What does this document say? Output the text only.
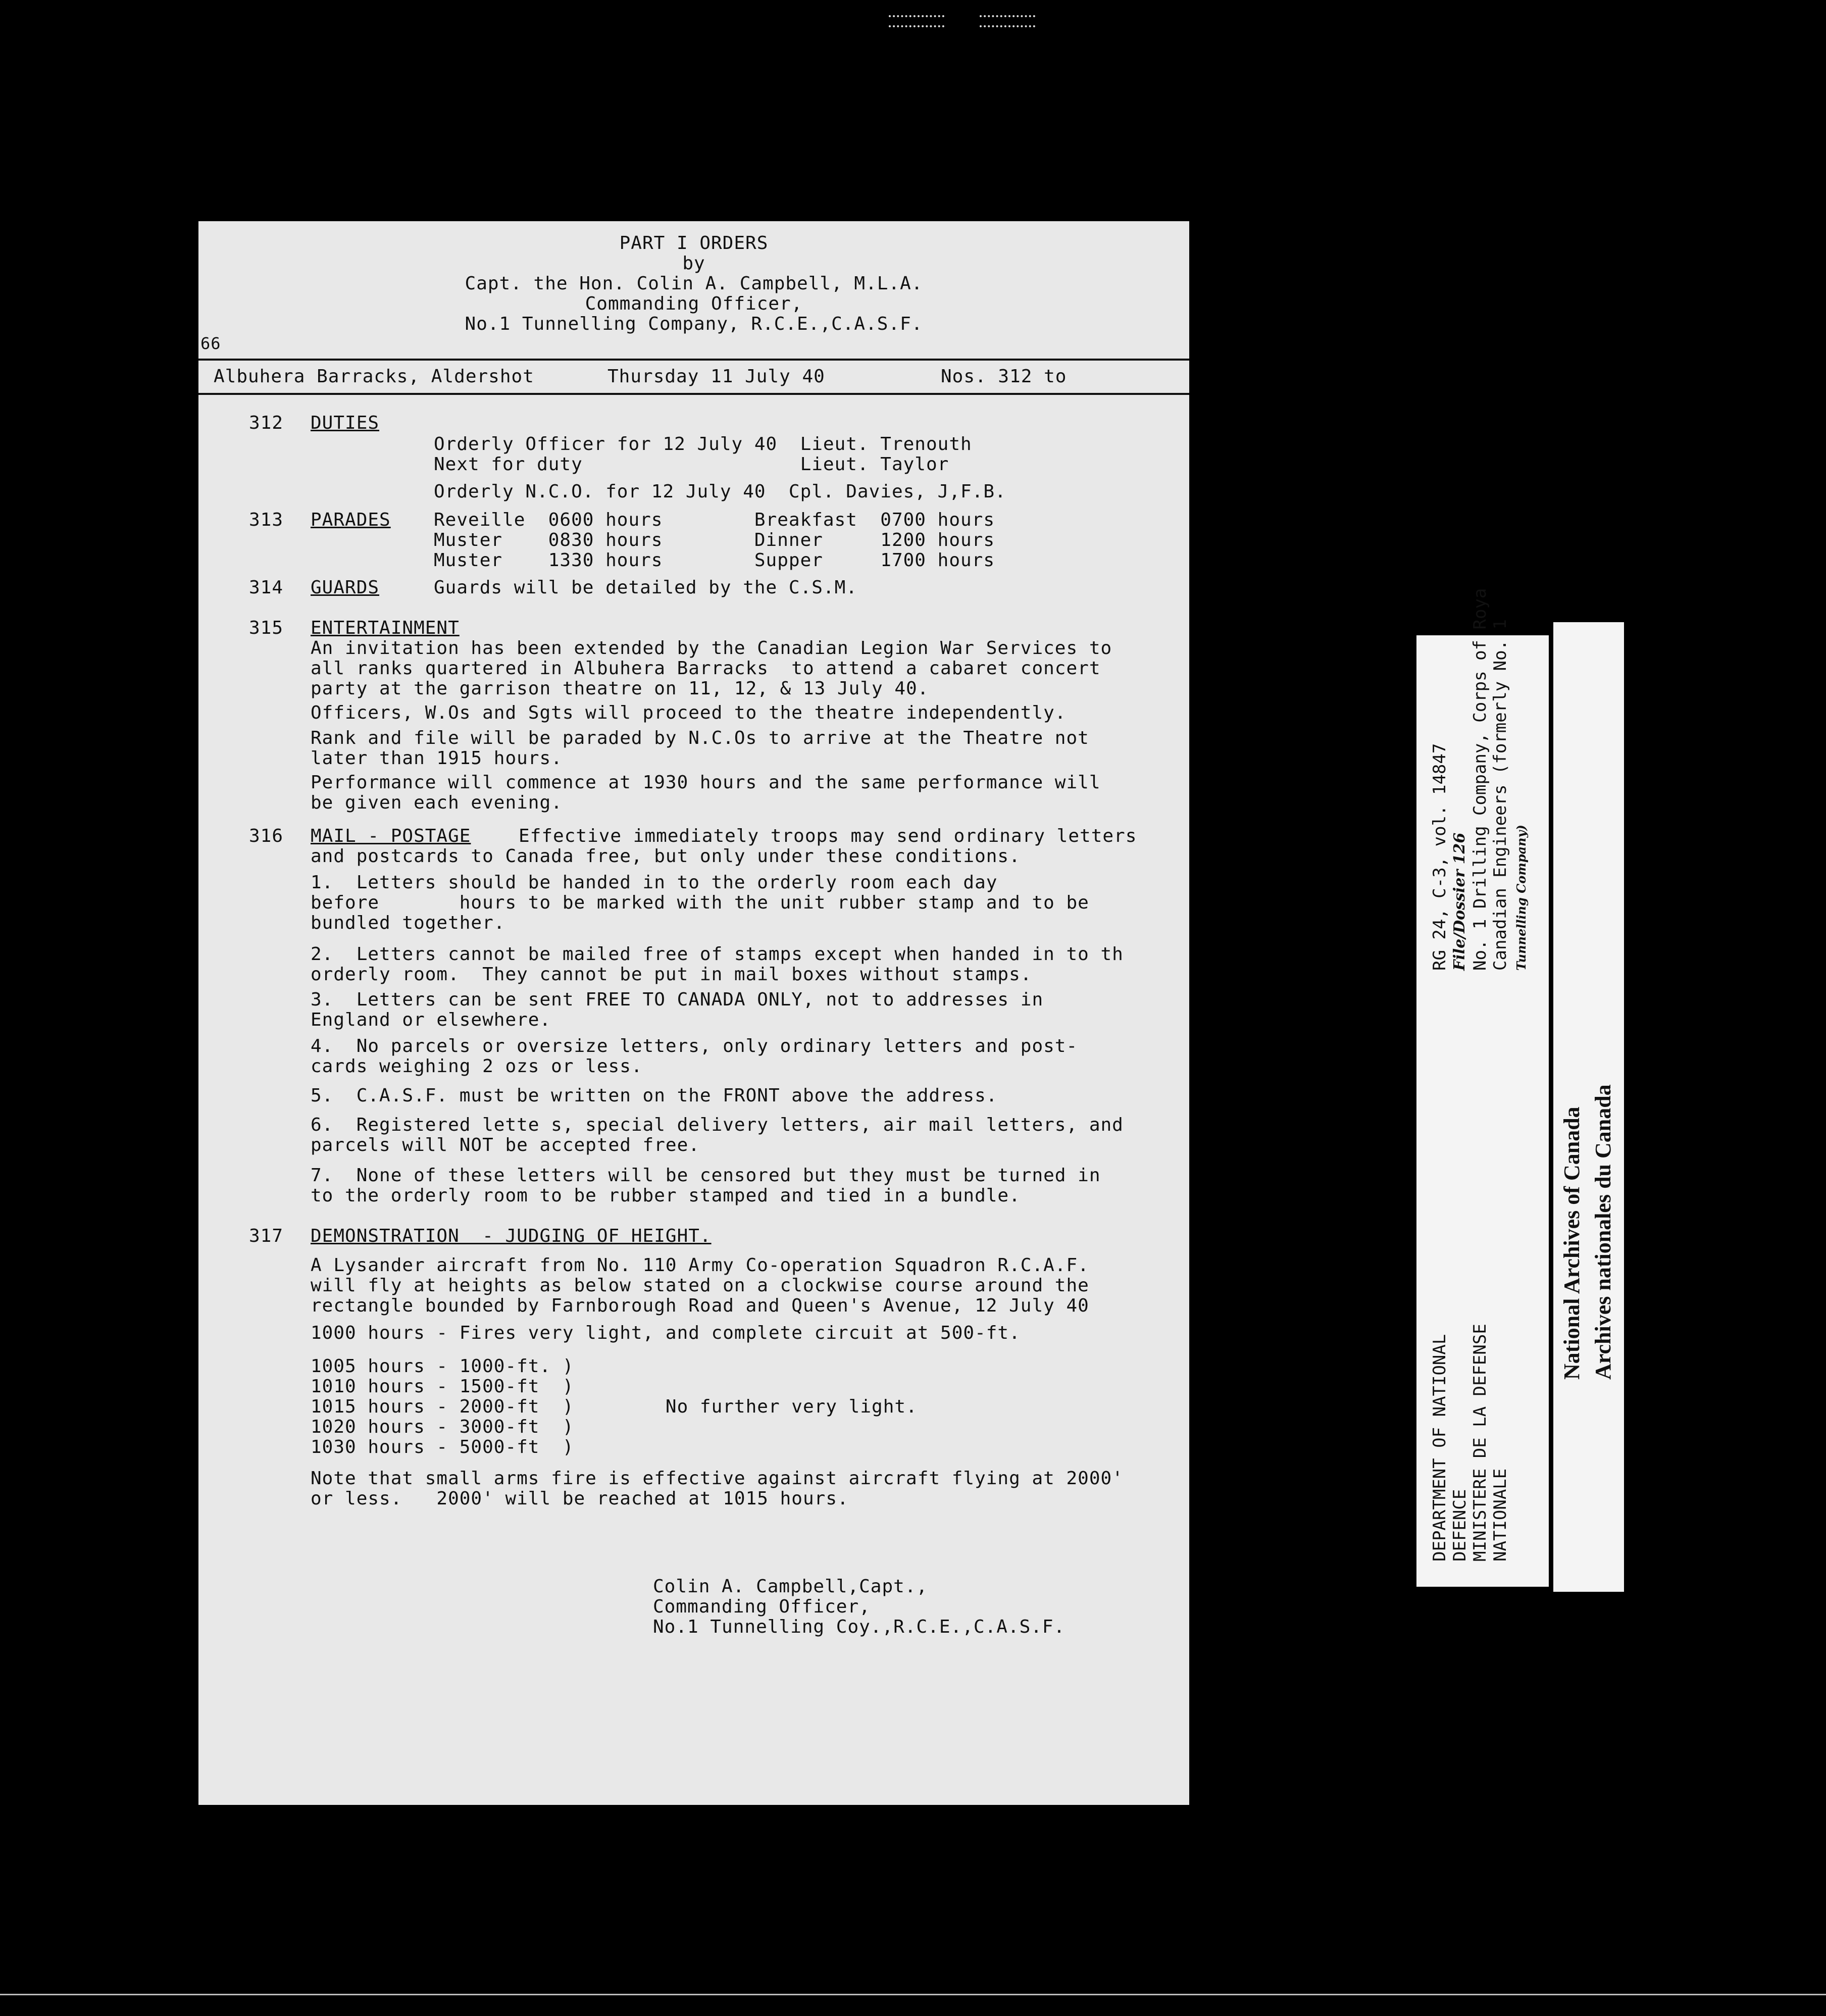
PART I ORDERS
by
Capt. the Hon. Colin A. Campbell, M.L.A.
Commanding Officer,
No.1 Tunnelling Company, R.C.E.,C.A.S.F.
66
Albuhera Barracks, Aldershot	Thursday 11 July 40	Nos. 312 to
312 DUTIES
Orderly Officer for 12 July 40  Lieut. Trenouth
Next for duty                   Lieut. Taylor
Orderly N.C.O. for 12 July 40  Cpl. Davies, J,F.B.
313 PARADES Reveille  0600 hours        Breakfast  0700 hours
Muster    0830 hours        Dinner     1200 hours
Muster    1330 hours        Supper     1700 hours
314 GUARDS	Guards will be detailed by the C.S.M.
315 ENTERTAINMENT
An invitation has been extended by the Canadian Legion War Services to
all ranks quartered in Albuhera Barracks  to attend a cabaret concert
party at the garrison theatre on 11, 12, & 13 July 40.
Officers, W.Os and Sgts will proceed to the theatre independently.
Rank and file will be paraded by N.C.Os to arrive at the Theatre not
later than 1915 hours.
Performance will commence at 1930 hours and the same performance will
be given each evening.
316 MAIL - POSTAGE	Effective immediately troops may send ordinary letters
and postcards to Canada free, but only under these conditions.
1.  Letters should be handed in to the orderly room each day
before       hours to be marked with the unit rubber stamp and to be
bundled together.
2.  Letters cannot be mailed free of stamps except when handed in to th
orderly room.  They cannot be put in mail boxes without stamps.
3.  Letters can be sent FREE TO CANADA ONLY, not to addresses in
England or elsewhere.
4.  No parcels or oversize letters, only ordinary letters and post-
cards weighing 2 ozs or less.
5.  C.A.S.F. must be written on the FRONT above the address.
6.  Registered lette s, special delivery letters, air mail letters, and
parcels will NOT be accepted free.
7.  None of these letters will be censored but they must be turned in
to the orderly room to be rubber stamped and tied in a bundle.
317 DEMONSTRATION  - JUDGING OF HEIGHT.
A Lysander aircraft from No. 110 Army Co-operation Squadron R.C.A.F.
will fly at heights as below stated on a clockwise course around the
rectangle bounded by Farnborough Road and Queen's Avenue, 12 July 40
1000 hours - Fires very light, and complete circuit at 500-ft.
1005 hours - 1000-ft. )
1010 hours - 1500-ft  )
1015 hours - 2000-ft  )        No further very light.
1020 hours - 3000-ft  )
1030 hours - 5000-ft  )
Note that small arms fire is effective against aircraft flying at 2000'
or less.   2000' will be reached at 1015 hours.
Colin A. Campbell,Capt.,
Commanding Officer,
No.1 Tunnelling Coy.,R.C.E.,C.A.S.F.

RG 24, C-3, vol. 14847

File/Dossier 126

No. 1 Drilling Company, Corps of Roya

Canadian Engineers (formerly No. 1

Tunnelling Company)

DEPARTMENT OF NATIONAL

DEFENCE

MINISTERE DE LA DEFENSE

NATIONALE

National Archives of Canada

Archives nationales du Canada
